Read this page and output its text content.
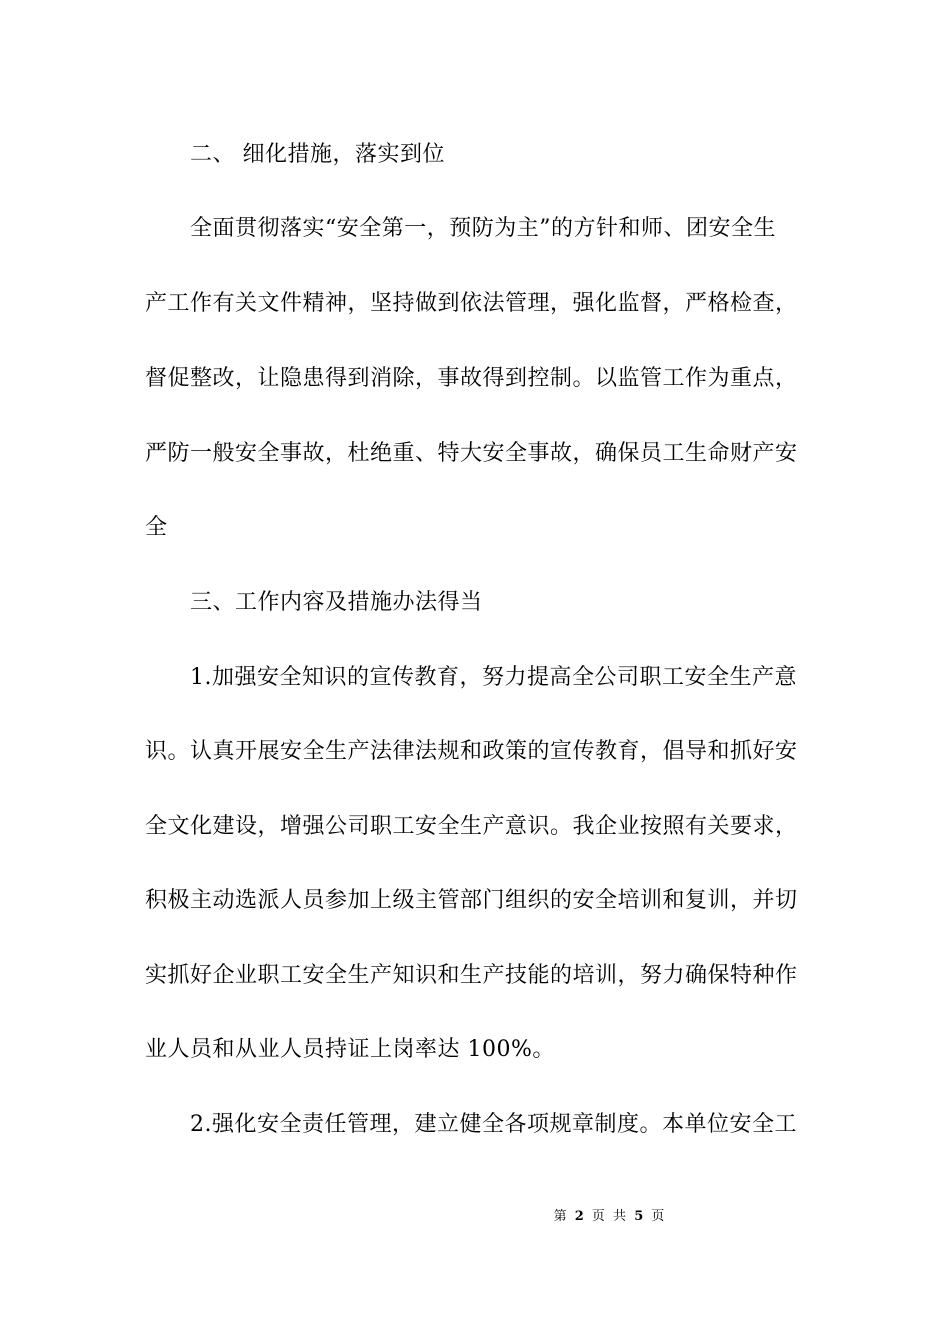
二、 细化措施，落实到位
全面贯彻落实“安全第一，预防为主”的方针和师、团安全生
产工作有关文件精神，坚持做到依法管理，强化监督，严格检查，
督促整改，让隐患得到消除，事故得到控制。以监管工作为重点，
严防一般安全事故，杜绝重、特大安全事故，确保员工生命财产安
全
三、工作内容及措施办法得当
1.加强安全知识的宣传教育，努力提高全公司职工安全生产意
识。认真开展安全生产法律法规和政策的宣传教育，倡导和抓好安
全文化建设，增强公司职工安全生产意识。我企业按照有关要求，
积极主动选派人员参加上级主管部门组织的安全培训和复训，并切
实抓好企业职工安全生产知识和生产技能的培训，努力确保特种作
业人员和从业人员持证上岗率达 100%。
2.强化安全责任管理，建立健全各项规章制度。本单位安全工
第 2 页 共 5 页
